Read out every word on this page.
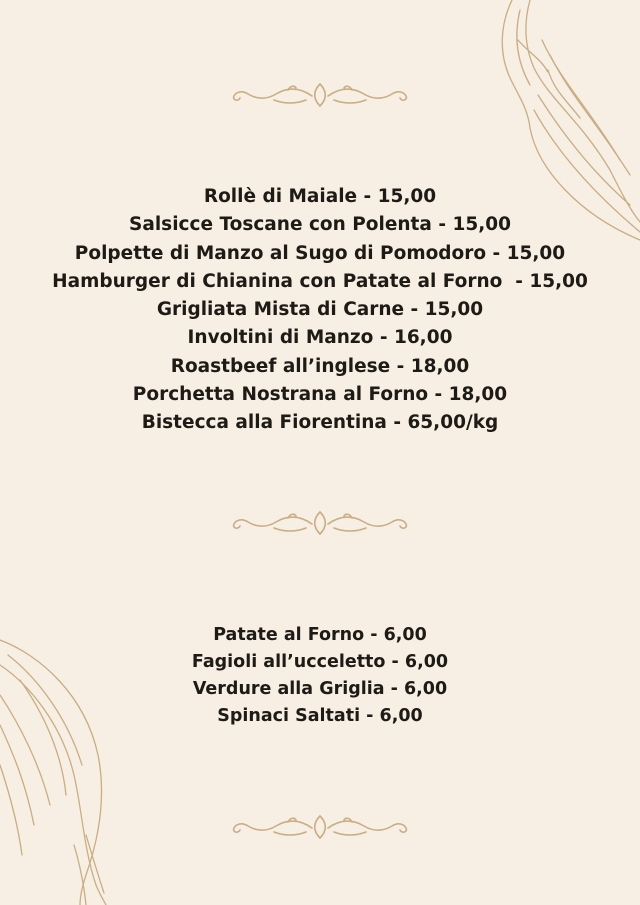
Rollè di Maiale - 15,00
Salsicce Toscane con Polenta - 15,00
Polpette di Manzo al Sugo di Pomodoro - 15,00
Hamburger di Chianina con Patate al Forno  - 15,00
Grigliata Mista di Carne - 15,00
Involtini di Manzo - 16,00
Roastbeef all’inglese - 18,00
Porchetta Nostrana al Forno - 18,00
Bistecca alla Fiorentina - 65,00/kg
Patate al Forno - 6,00
Fagioli all’ucceletto - 6,00
Verdure alla Griglia - 6,00
Spinaci Saltati - 6,00
